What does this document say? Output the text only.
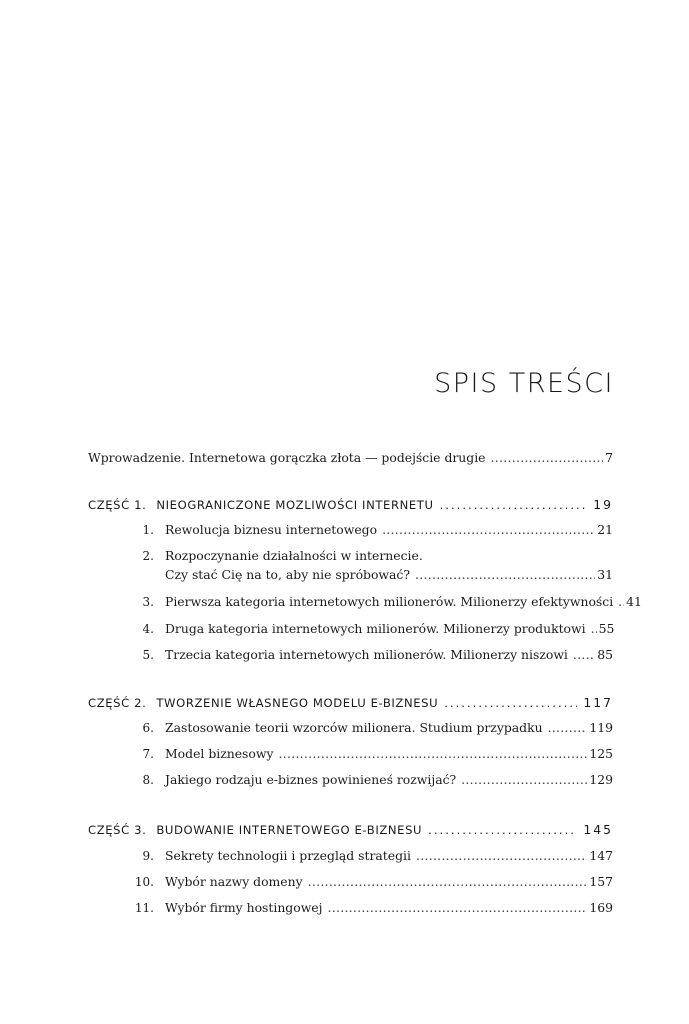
SPIS TREŚCI
Wprowadzenie. Internetowa gorączka złota — podejście drugie .....	7
CZĘŚĆ 1. NIEOGRANICZONE MOZLIWOŚCI INTERNETU .....	19
1. Rewolucja biznesu internetowego .....	21
2. Rozpoczynanie działalności w internecie.
Czy stać Cię na to, aby nie spróbować? .....	31
3. Pierwsza kategoria internetowych milionerów. Milionerzy efektywności ..... 41
4. Druga kategoria internetowych milionerów. Milionerzy produktowi ..... 55
5. Trzecia kategoria internetowych milionerów. Milionerzy niszowi ..... 85
CZĘŚĆ 2. TWORZENIE WŁASNEGO MODELU E-BIZNESU .....	117
6. Zastosowanie teorii wzorców milionera. Studium przypadku .....	119
7. Model biznesowy .....	125
8. Jakiego rodzaju e-biznes powinieneś rozwijać? .....	129
CZĘŚĆ 3. BUDOWANIE INTERNETOWEGO E-BIZNESU .....	145
9. Sekrety technologii i przegląd strategii .....	147
10. Wybór nazwy domeny .....	157
11. Wybór firmy hostingowej .....	169
